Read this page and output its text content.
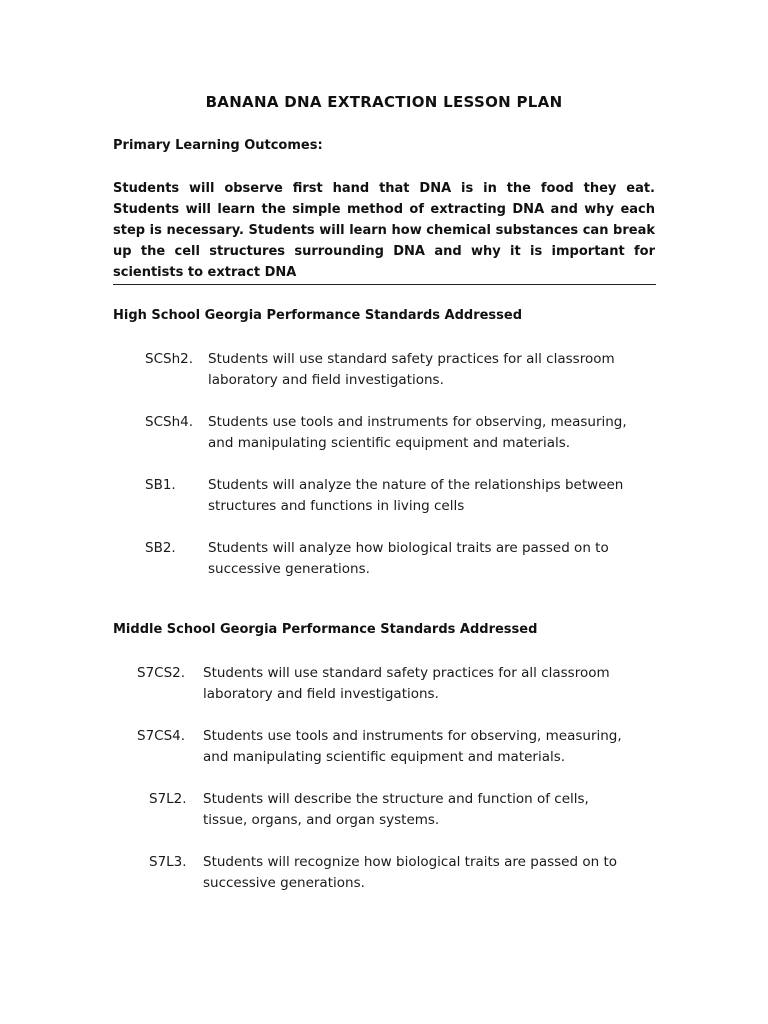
BANANA DNA EXTRACTION LESSON PLAN
Primary Learning Outcomes:
Students will observe first hand that DNA is in the food they eat. Students will learn the simple method of extracting DNA and why each step is necessary. Students will learn how chemical substances can break up the cell structures surrounding DNA and why it is important for scientists to extract DNA
High School Georgia Performance Standards Addressed
SCSh2.	Students will use standard safety practices for all classroom laboratory and field investigations.
SCSh4.	Students use tools and instruments for observing, measuring, and manipulating scientific equipment and materials.
SB1.	Students will analyze the nature of the relationships between structures and functions in living cells
SB2.	Students will analyze how biological traits are passed on to successive generations.
Middle School Georgia Performance Standards Addressed
S7CS2.	Students will use standard safety practices for all classroom laboratory and field investigations.
S7CS4.	Students use tools and instruments for observing, measuring, and manipulating scientific equipment and materials.
S7L2.	Students will describe the structure and function of cells, tissue, organs, and organ systems.
S7L3.	Students will recognize how biological traits are passed on to successive generations.
